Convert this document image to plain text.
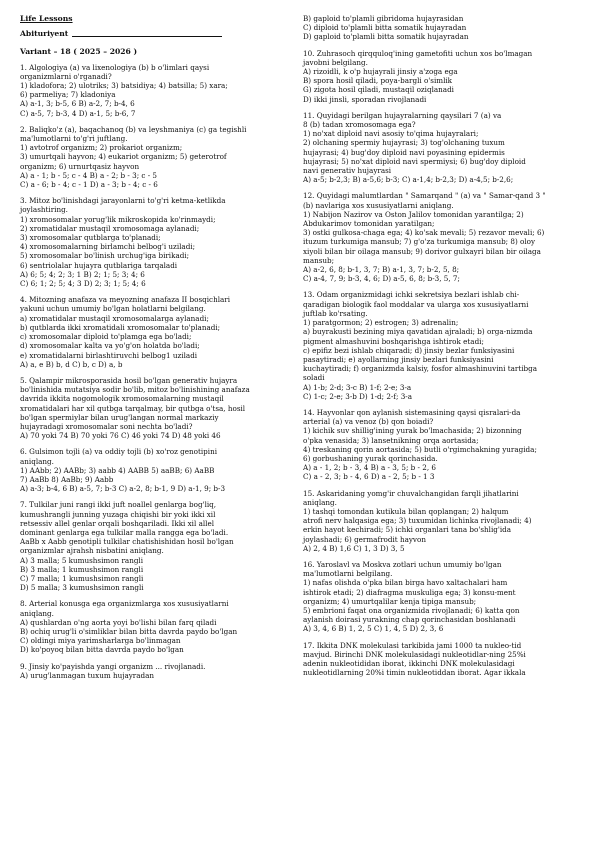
Life Lessons
Abituriyent
Variant – 18 ( 2025 – 2026 )
1. Algologiya (a) va lixenologiya (b) b o'limlari qaysi
organizmlarni o'rganadi?
1) kladofora; 2) ulotriks; 3) batsidiya; 4) batsilla; 5) xara;
6) parmeliya; 7) kladoniya
A) a-1, 3; b-5, 6 B) a-2, 7; b-4, 6
C) a-5, 7; b-3, 4 D) a-1, 5; b-6, 7
2. Baliqko'z (a), baqachanoq (b) va leyshmaniya (c) ga tegishli
ma'lumotlarni to'g'ri juftlang.
1) avtotrof organizm; 2) prokariot organizm;
3) umurtqali hayvon; 4) eukariot organizm; 5) geterotrof
organizm; 6) urnurtqasiz hayvon
A) a - 1; b - 5; c - 4 B) a - 2; b - 3; c - 5
C) a - 6; b - 4; c - 1 D) a - 3; b - 4; c - 6
3. Mitoz bo'linishdagi jarayonlarni to'g'ri ketma-ketlikda
joylashtiring.
1) xromosomalar yorug'lik mikroskopida ko'rinmaydi;
2) xromatidalar mustaqil xromosomaga aylanadi;
3) xromosomalar qutblarga to'planadi;
4) xromosomalarning birlamchi belbog'i uziladi;
5) xromosomalar bo'linish urchug'iga birikadi;
6) sentriolalar hujayra qutblariga tarqaladi
A) 6; 5; 4; 2; 3; 1 B) 2; 1; 5; 3; 4; 6
C) 6; 1; 2; 5; 4; 3 D) 2; 3; 1; 5; 4; 6
4. Mitozning anafaza va meyozning anafaza II bosqichlari
yakuni uchun umumiy bo'lgan holatlarni belgilang.
a) xromatidalar mustaqil xromosomalarga aylanadi;
b) qutblarda ikki xromatidali xromosomalar to'planadi;
c) xromosomalar diploid to'plamga ega bo'ladi;
d) xromosomalar kalta va yo'g'on holatda bo'ladi;
e) xromatidalarni birlashtiruvchi belbog1 uziladi
A) a, e B) b, d C) b, c D) a, b
5. Qalampir mikrosporasida hosil bo'lgan generativ hujayra
bo'linishida mutatsiya sodir bo'lib, mitoz bo'linishining anafaza
davrida ikkita nogomologik xromosomalarning mustaqil
xromatidalari har xil qutbga tarqalmay, bir qutbga o'tsa, hosil
bo'lgan spermiylar bilan urug'langan normal markaziy
hujayradagi xromosomalar soni nechta bo'ladi?
A) 70 yoki 74 B) 70 yoki 76 C) 46 yoki 74 D) 48 yoki 46
6. Gulsimon tojli (a) va oddiy tojli (b) xo'roz genotipini
aniqlang.
1) AAbb; 2) AABb; 3) aabb 4) AABB 5) aaBB; 6) AaBB
7) AaBb 8) AaBb; 9) Aabb
A) a-3; b-4, 6 B) a-5, 7; b-3 C) a-2, 8; b-1, 9 D) a-1, 9; b-3
7. Tulkilar juni rangi ikki juft noallel genlarga bog'liq,
kumushrangli junning yuzaga chiqishi bir yoki ikki xil
retsessiv allel genlar orqali boshqariladi. Ikki xil allel
dominant genlarga ega tulkilar malla rangga ega bo'ladi.
AaBb x Aabb genotipli tulkilar chatishishidan hosil bo'lgan
organizmlar ajrahsh nisbatini aniqlang.
A) 3 malla; 5 kumushsimon rangli
B) 3 malla; 1 kumushsimon rangli
C) 7 malla; 1 kumushsimon rangli
D) 5 malla; 3 kumushsimon rangli
8. Arterial konusga ega organizmlarga xos xususiyatlarni
aniqlang.
A) qushlardan o'ng aorta yoyi bo'lishi bilan farq qiladi
B) ochiq urug'li o'simliklar bilan bitta davrda paydo bo'lgan
C) oldingi miya yarimsharlarga bo'linmagan
D) ko'poyoq bilan bitta davrda paydo bo'lgan
9. Jinsiy ko'payishda yangi organizm ... rivojlanadi.
A) urug'lanmagan tuxum hujayradan
B) gaploid to'plamli gibridoma hujayrasidan
C) diploid to'plamli bitta somatik hujayradan
D) gaploid to'plamli bitta somatik hujayradan
10. Zuhrasoch qirqquloq'ining gametofiti uchun xos bo'lmagan
javobni belgilang.
A) rizoidli, k o'p hujayrali jinsiy a'zoga ega
B) spora hosil qiladi, poya-bargli o'simlik
G) zigota hosil qiladi, mustaqil oziqlanadi
D) ikki jinsli, sporadan rivojlanadi
11. Quyidagi berilgan hujayralarning qaysilari 7 (a) va
8 (b) tadan xromosomaga ega?
1) no'xat diploid navi asosiy to'qima hujayralari;
2) olchaning spermiy hujayrasi; 3) tog'olchaning tuxum
hujayrasi; 4) bug'doy diploid navi poyasining epidermis
hujayrasi; 5) no'xat diploid navi spermiysi; 6) bug'doy diploid
navi generativ hujayrasi
A) a-5; b-2,3; B) a-5,6; b-3; C) a-1,4; b-2,3; D) a-4,5; b-2,6;
12. Quyidagi malumtlardan " Samarqand " (a) va " Samar-qand 3 "
(b) navlariga xos xususiyatlarni aniqlang.
1) Nabijon Nazirov va Oston Jalilov tomonidan yarantilga; 2)
Abdukarimov tomonidan yaratilgan;
3) ostki gulkosa-chaga ega; 4) ko'sak mevali; 5) rezavor mevali; 6)
ituzum turkumiga mansub; 7) g'o'za turkumiga mansub; 8) oloy
xiyoli bilan bir oilaga mansub; 9) dorivor gulxayri bilan bir oilaga
mansub;
A) a-2, 6, 8; b-1, 3, 7; B) a-1, 3, 7; b-2, 5, 8;
C) a-4, 7, 9; b-3, 4, 6; D) a-5, 6, 8; b-3, 5, 7;
13. Odam organizmidagi ichki sekretsiya bezlari ishlab chi-
qaradigan biologik faol moddalar va ularga xos xususiyatlarni
juftlab ko'rsating.
1) paratgormon; 2) estrogen; 3) adrenalin;
a) buyrakusti bezining miya qavatidan ajraladi; b) orga-nizmda
pigment almashuvini boshqarishga ishtirok etadi;
c) epifiz bezi ishlab chiqaradi; d) jinsiy bezlar funksiyasini
pasaytiradi; e) ayollarning jinsiy bezlari funksiyasini
kuchaytiradi; f) organizmda kalsiy, fosfor almashinuvini tartibga
soladi
A) 1-b; 2-d; 3-c B) 1-f; 2-e; 3-a
C) 1-c; 2-e; 3-b D) 1-d; 2-f; 3-a
14. Hayvonlar qon aylanish sistemasining qaysi qisralari-da
arterial (a) va venoz (b) qon boiadi?
1) kichik suv shillig'ining yurak bo'lmachasida; 2) bizonning
o'pka venasida; 3) lansetnikning orqa aortasida;
4) treskaning qorin aortasida; 5) butli o'rgimchakning yuragida;
6) gorbushaning yurak qorinchasida.
A) a - 1, 2; b - 3, 4 B) a - 3, 5; b - 2, 6
C) a - 2, 3; b - 4, 6 D) a - 2, 5; b - 1 3
15. Askaridaning yomg'ir chuvalchangidan farqli jihatlarini
aniqlang.
1) tashqi tomondan kutikula bilan qoplangan; 2) halqum
atrofi nerv halqasiga ega; 3) tuxumidan lichinka rivojlanadi; 4)
erkin hayot kechiradi; 5) ichki organlari tana bo'shlig'ida
joylashadi; 6) germafrodit hayvon
A) 2, 4 B) 1,6 C) 1, 3 D) 3, 5
16. Yaroslavl va Moskva zotlari uchun umumiy bo'lgan
ma'lumotlarni belgilang.
1) nafas olishda o'pka bilan birga havo xaltachalari ham
ishtirok etadi; 2) diafragma muskuliga ega; 3) konsu-ment
organizm; 4) umurtqalilar kenja tipiga mansub;
5) embrioni faqat ona organizmida rivojlanadi; 6) katta qon
aylanish doirasi yurakning chap qorinchasidan boshlanadi
A) 3, 4, 6 B) 1, 2, 5 C) 1, 4, 5 D) 2, 3, 6
17. Ikkita DNK molekulasi tarkibida jami 1000 ta nukleo-tid
mavjud. Birinchi DNK molekulasidagi nukleotidlar-ning 25%i
adenin nukleotididan iborat, ikkinchi DNK molekulasidagi
nukleotidlarning 20%i timin nukleotiddan iborat. Agar ikkala
